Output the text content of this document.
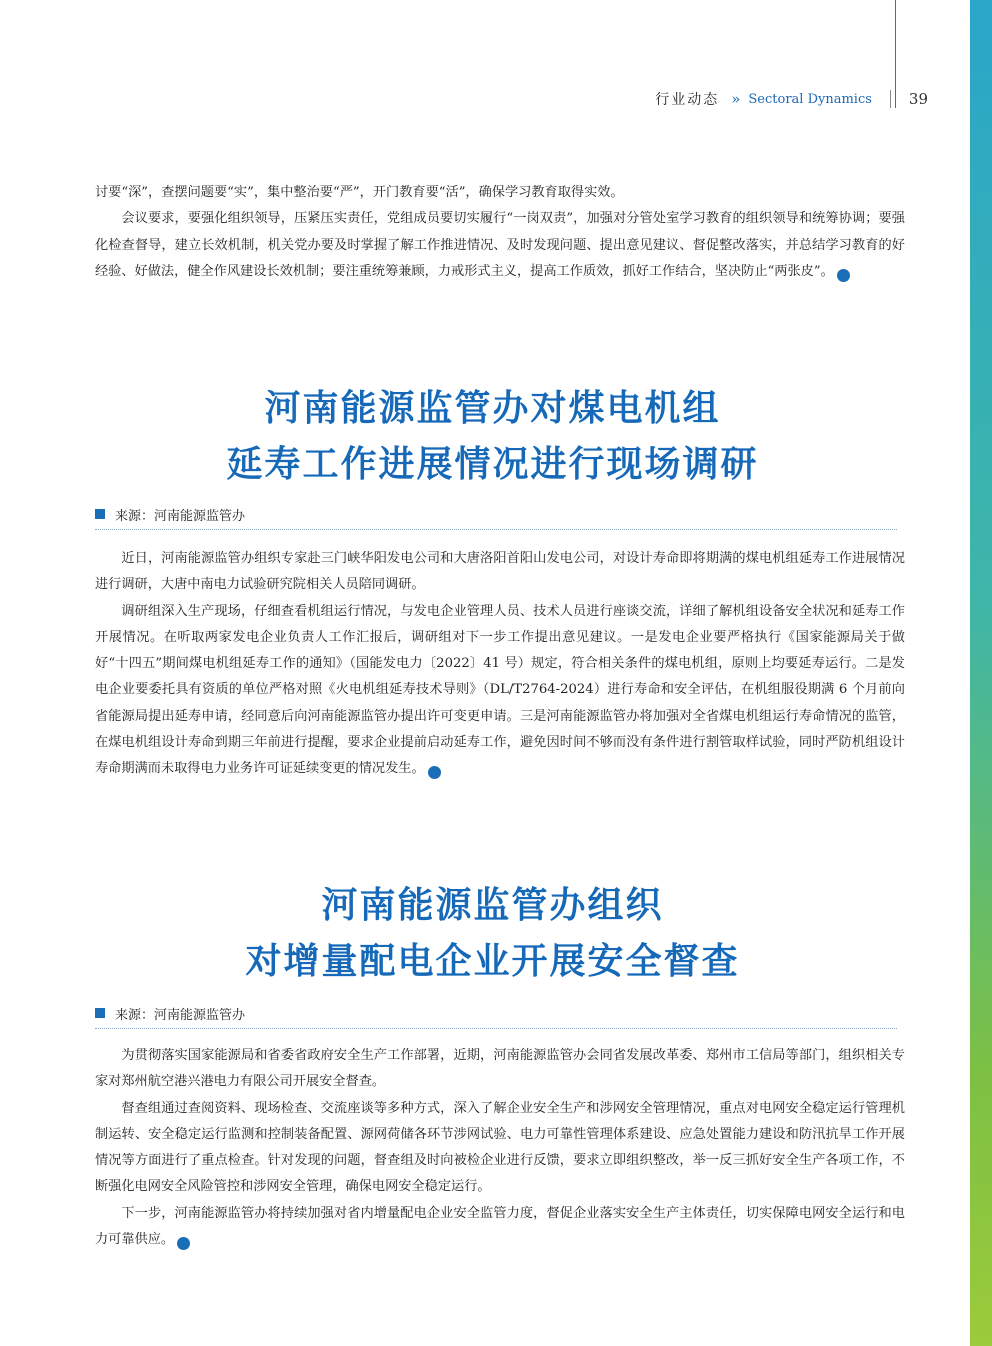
行业动态 » Sectoral Dynamics 39

讨要“深”，查摆问题要“实”，集中整治要“严”，开门教育要“活”，确保学习教育取得实效。

会议要求，要强化组织领导，压紧压实责任，党组成员要切实履行“一岗双责”，加强对分管处室学习教育的组织领导和统筹协调；要强化检查督导，建立长效机制，机关党办要及时掌握了解工作推进情况、及时发现问题、提出意见建议、督促整改落实，并总结学习教育的好经验、好做法，健全作风建设长效机制；要注重统筹兼顾，力戒形式主义，提高工作质效，抓好工作结合，坚决防止“两张皮”。	℮

河南能源监管办对煤电机组
延寿工作进展情况进行现场调研
来源：河南能源监管办

近日，河南能源监管办组织专家赴三门峡华阳发电公司和大唐洛阳首阳山发电公司，对设计寿命即将期满的煤电机组延寿工作进展情况进行调研，大唐中南电力试验研究院相关人员陪同调研。

调研组深入生产现场，仔细查看机组运行情况，与发电企业管理人员、技术人员进行座谈交流，详细了解机组设备安全状况和延寿工作开展情况。在听取两家发电企业负责人工作汇报后，调研组对下一步工作提出意见建议。一是发电企业要严格执行《国家能源局关于做好“十四五”期间煤电机组延寿工作的通知》（国能发电力〔2022〕41 号）规定，符合相关条件的煤电机组，原则上均要延寿运行。二是发电企业要委托具有资质的单位严格对照《火电机组延寿技术导则》（DL/T2764-2024）进行寿命和安全评估，在机组服役期满 6 个月前向省能源局提出延寿申请，经同意后向河南能源监管办提出许可变更申请。三是河南能源监管办将加强对全省煤电机组运行寿命情况的监管，在煤电机组设计寿命到期三年前进行提醒，要求企业提前启动延寿工作，避免因时间不够而没有条件进行割管取样试验，同时严防机组设计寿命期满而未取得电力业务许可证延续变更的情况发生。	℮

河南能源监管办组织
对增量配电企业开展安全督查
来源：河南能源监管办

为贯彻落实国家能源局和省委省政府安全生产工作部署，近期，河南能源监管办会同省发展改革委、郑州市工信局等部门，组织相关专家对郑州航空港兴港电力有限公司开展安全督查。

督查组通过查阅资料、现场检查、交流座谈等多种方式，深入了解企业安全生产和涉网安全管理情况，重点对电网安全稳定运行管理机制运转、安全稳定运行监测和控制装备配置、源网荷储各环节涉网试验、电力可靠性管理体系建设、应急处置能力建设和防汛抗旱工作开展情况等方面进行了重点检查。针对发现的问题，督查组及时向被检企业进行反馈，要求立即组织整改，举一反三抓好安全生产各项工作，不断强化电网安全风险管控和涉网安全管理，确保电网安全稳定运行。

下一步，河南能源监管办将持续加强对省内增量配电企业安全监管力度，督促企业落实安全生产主体责任，切实保障电网安全运行和电力可靠供应。	℮
